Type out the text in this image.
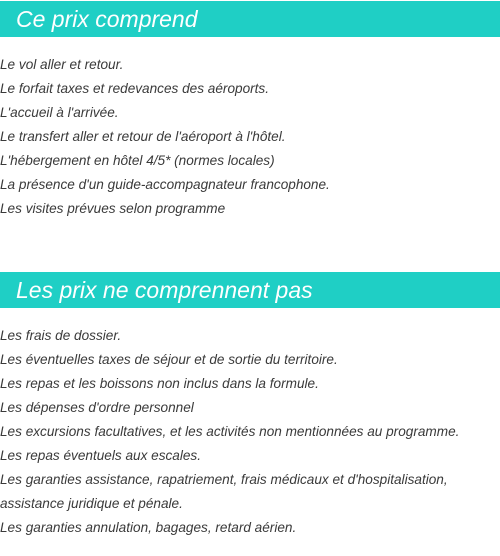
Ce prix comprend
Le vol aller et retour.
Le forfait taxes et redevances des aéroports.
L'accueil à l'arrivée.
Le transfert aller et retour de l'aéroport à l'hôtel.
L'hébergement en hôtel 4/5* (normes locales)
La présence d'un guide-accompagnateur francophone.
Les visites prévues selon programme
Les prix ne comprennent pas
Les frais de dossier.
Les éventuelles taxes de séjour et de sortie du territoire.
Les repas et les boissons non inclus dans la formule.
Les dépenses d'ordre personnel
Les excursions facultatives, et les activités non mentionnées au programme.
Les repas éventuels aux escales.
Les garanties assistance, rapatriement, frais médicaux et d'hospitalisation,
assistance juridique et pénale.
Les garanties annulation, bagages, retard aérien.
